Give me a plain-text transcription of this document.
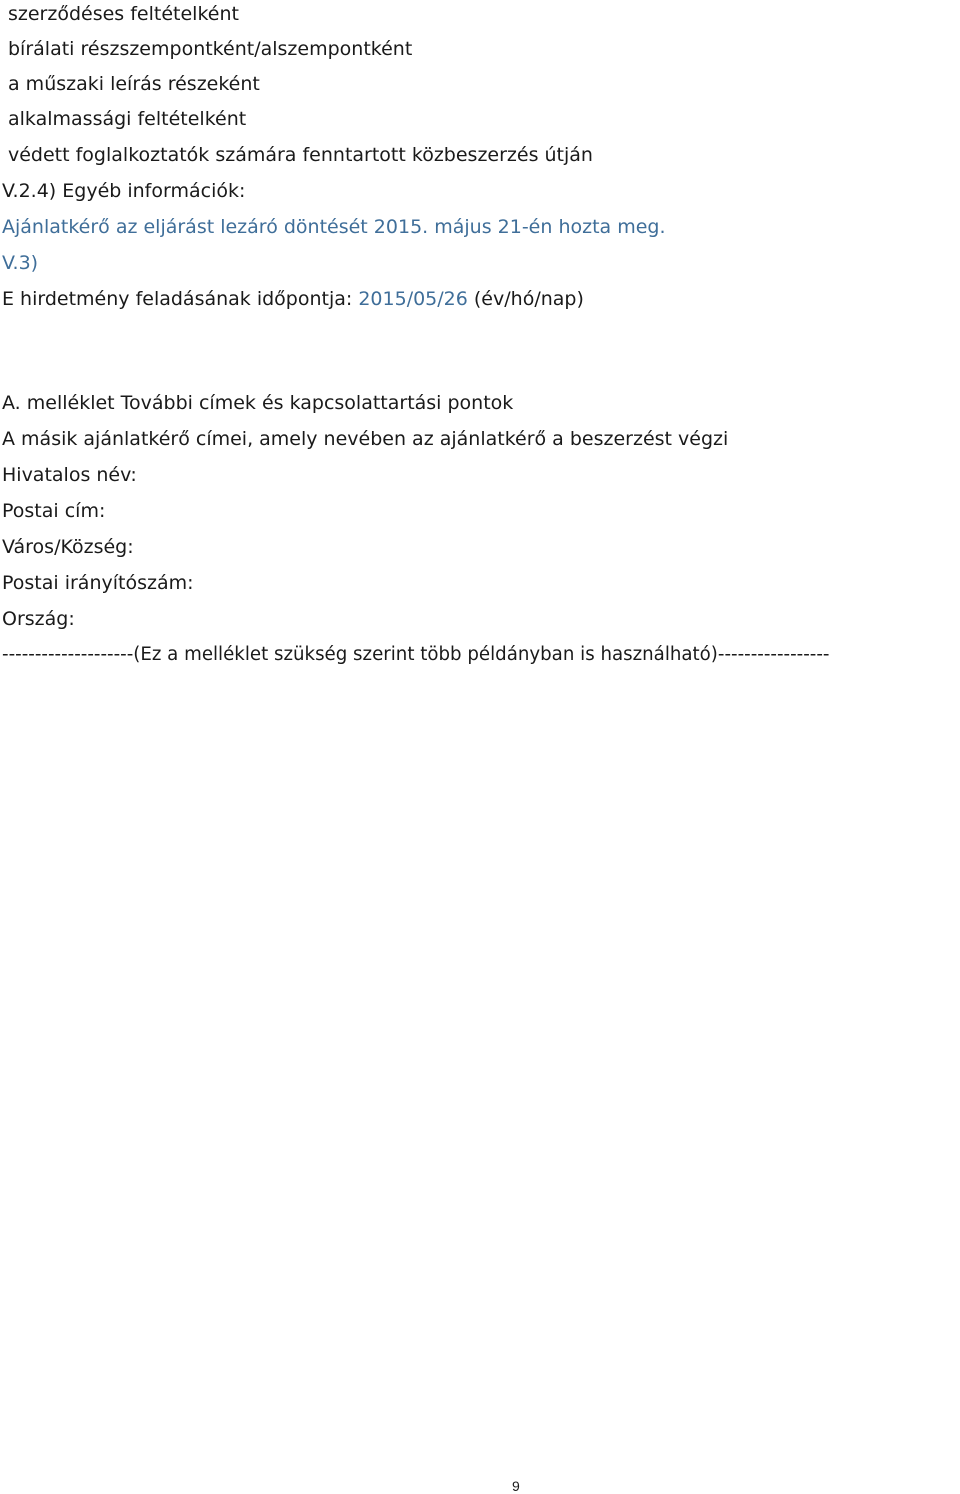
szerződéses feltételként
bírálati részszempontként/alszempontként
a műszaki leírás részeként
alkalmassági feltételként
védett foglalkoztatók számára fenntartott közbeszerzés útján
V.2.4) Egyéb információk:
Ajánlatkérő az eljárást lezáró döntését 2015. május 21-én hozta meg.
V.3)
E hirdetmény feladásának időpontja: 2015/05/26 (év/hó/nap)
A. melléklet További címek és kapcsolattartási pontok
A másik ajánlatkérő címei, amely nevében az ajánlatkérő a beszerzést végzi
Hivatalos név:
Postai cím:
Város/Község:
Postai irányítószám:
Ország:
--------------------(Ez a melléklet szükség szerint több példányban is használható)-----------------
9
